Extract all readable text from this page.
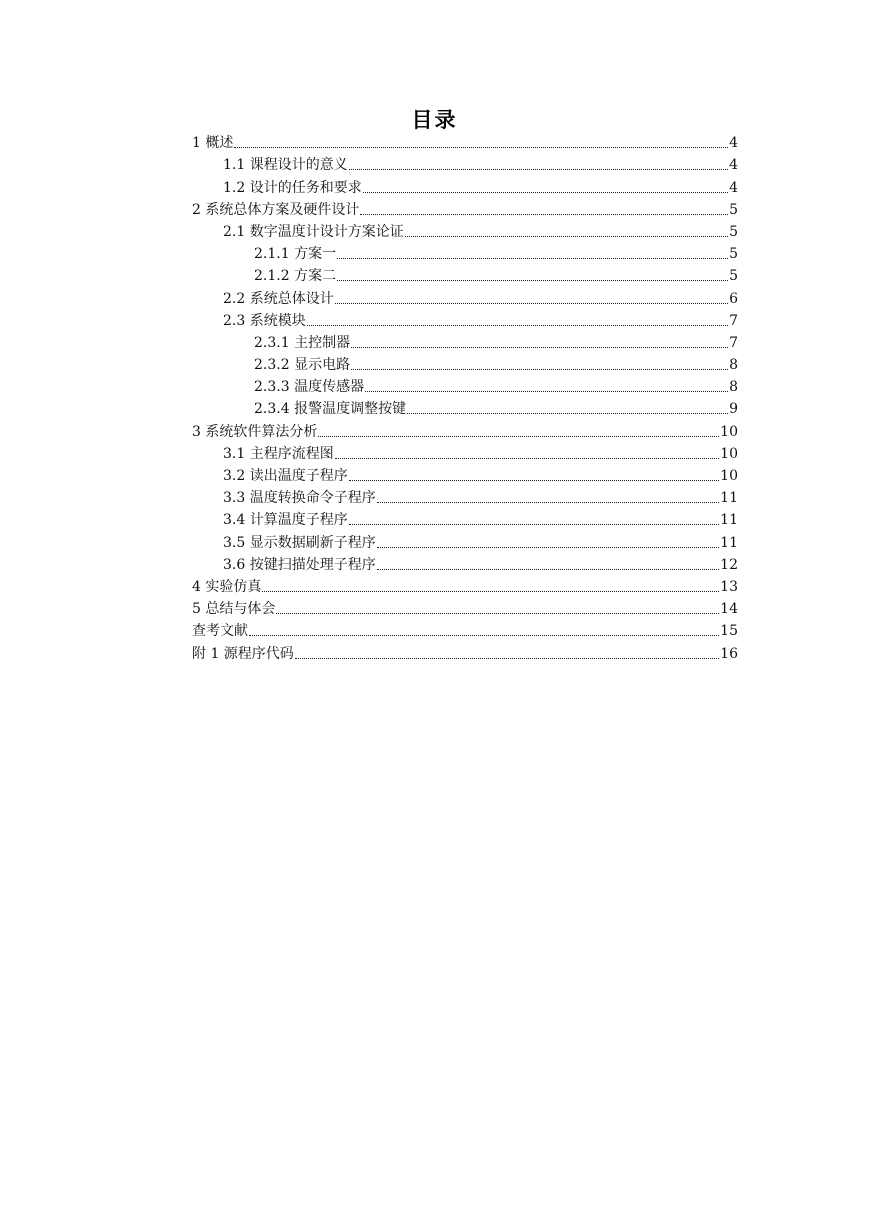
目录
1 概述	4
1.1 课程设计的意义	4
1.2 设计的任务和要求	4
2 系统总体方案及硬件设计	5
2.1 数字温度计设计方案论证	5
2.1.1 方案一	5
2.1.2 方案二	5
2.2 系统总体设计	6
2.3 系统模块	7
2.3.1 主控制器	7
2.3.2 显示电路	8
2.3.3 温度传感器	8
2.3.4 报警温度调整按键	9
3 系统软件算法分析	10
3.1 主程序流程图	10
3.2 读出温度子程序	10
3.3 温度转换命令子程序	11
3.4 计算温度子程序	11
3.5 显示数据刷新子程序	11
3.6 按键扫描处理子程序	12
4 实验仿真	13
5 总结与体会	14
查考文献	15
附 1 源程序代码	16
